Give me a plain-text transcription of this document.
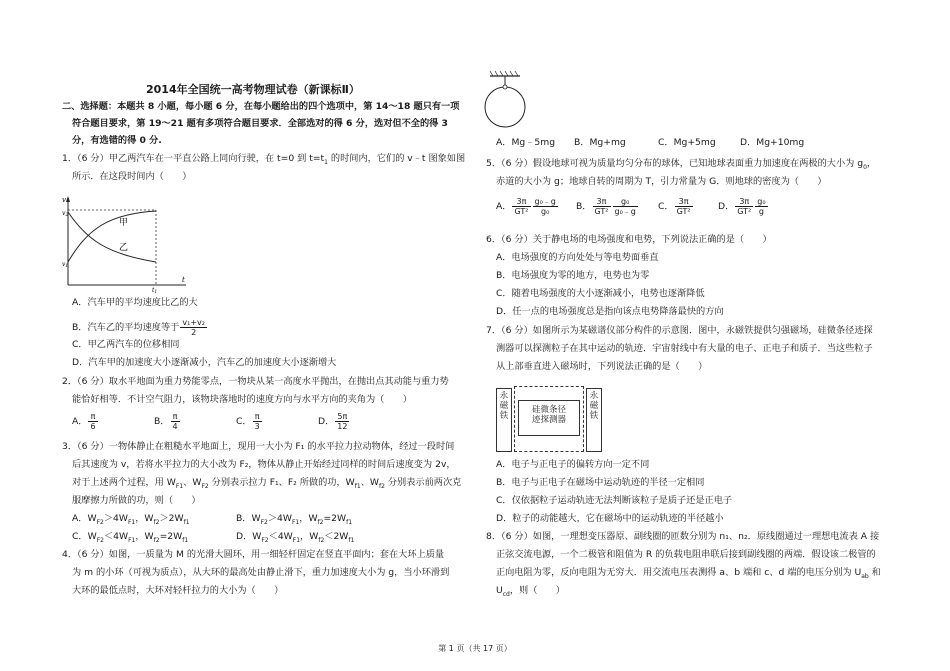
2014年全国统一高考物理试卷（新课标Ⅱ）
二、选择题：本题共 8 小题，每小题 6 分，在每小题给出的四个选项中，第 14～18 题只有一项
符合题目要求，第 19～21 题有多项符合题目要求．全部选对的得 6 分，选对但不全的得 3
分，有选错的得 0 分.
1．（6 分）甲乙两汽车在一平直公路上同向行驶，在 t=0 到 $t=t_1$ 的时间内，它们的 v﹣t 图象如图
所示．在这段时间内（　　）
v
v2
v1
甲
乙
t
t1
A．汽车甲的平均速度比乙的大
B．汽车乙的平均速度等于 $\frac{\text{v₁+v₂}}{2}$
C．甲乙两汽车的位移相同
D．汽车甲的加速度大小逐渐减小，汽车乙的加速度大小逐渐增大
2．（6 分）取水平地面为重力势能零点，一物块从某一高度水平抛出，在抛出点其动能与重力势
能恰好相等．不计空气阻力，该物块落地时的速度方向与水平方向的夹角为（　　）
A． $\frac{\pi}{6}$	B． $\frac{\pi}{4}$	C． $\frac{\pi}{3}$	D． $\frac{5\pi}{12}$
3．（6 分）一物体静止在粗糙水平地面上，现用一大小为 F₁ 的水平拉力拉动物体，经过一段时间
后其速度为 v，若将水平拉力的大小改为 F₂，物体从静止开始经过同样的时间后速度变为 2v，
对于上述两个过程，用 $W_{F1}$、$W_{F2}$ 分别表示拉力 F₁、F₂ 所做的功，$W_{f1}$、$W_{f2}$ 分别表示前两次克
服摩擦力所做的功，则（　　）
A．$W_{F2}>4W_{F1}$，$W_{f2}>2W_{f1}$	B．$W_{F2}>4W_{F1}$，$W_{f2}=2W_{f1}$
C．$W_{F2}<4W_{F1}$，$W_{f2}=2W_{f1}$	D．$W_{F2}<4W_{F1}$，$W_{f2}<2W_{f1}$
4．（6 分）如图，一质量为 M 的光滑大圆环，用一细轻杆固定在竖直平面内；套在大环上质量
为 m 的小环（可视为质点），从大环的最高处由静止滑下，重力加速度大小为 g，当小环滑到
大环的最低点时，大环对轻杆拉力的大小为（　　）
A．Mg﹣5mg B．Mg+mg	C．Mg+5mg	D．Mg+10mg
5．（6 分）假设地球可视为质量均匀分布的球体，已知地球表面重力加速度在两极的大小为 $g_0$，
赤道的大小为 g；地球自转的周期为 T，引力常量为 G．则地球的密度为（　　）
A． $\frac{3\pi}{\text{GT²}} \frac{\text{g₀﹣g}}{\text{g₀}}$ B． $\frac{3\pi}{\text{GT²}} \frac{\text{g₀}}{\text{g₀﹣g}}$ C． $\frac{3\pi}{\text{GT²}}$	D． $\frac{3\pi}{\text{GT²}} \frac{\text{g₀}}{g}$
6．（6 分）关于静电场的电场强度和电势，下列说法正确的是（　　）
A．电场强度的方向处处与等电势面垂直
B．电场强度为零的地方，电势也为零
C．随着电场强度的大小逐渐减小，电势也逐渐降低
D．任一点的电场强度总是指向该点电势降落最快的方向
7．（6 分）如图所示为某磁谱仪部分构件的示意图．图中，永磁铁提供匀强磁场，硅微条径迹探
测器可以探测粒子在其中运动的轨迹．宇宙射线中有大量的电子、正电子和质子．当这些粒子
从上部垂直进入磁场时，下列说法正确的是（　　）
永
磁
铁
硅微条径
迹探测器
永
磁
铁
A．电子与正电子的偏转方向一定不同
B．电子与正电子在磁场中运动轨迹的半径一定相同
C．仅依据粒子运动轨迹无法判断该粒子是质子还是正电子
D．粒子的动能越大，它在磁场中的运动轨迹的半径越小
8．（6 分）如图，一理想变压器原、副线圈的匝数分别为 n₁、n₂．原线圈通过一理想电流表 A 接
正弦交流电源，一个二极管和阻值为 R 的负载电阻串联后接到副线圈的两端．假设该二极管的
正向电阻为零，反向电阻为无穷大．用交流电压表测得 a、b 端和 c、d 端的电压分别为 $U_{ab}$ 和
$U_{cd}$，则（　　）
第 1 页（共 17 页）
